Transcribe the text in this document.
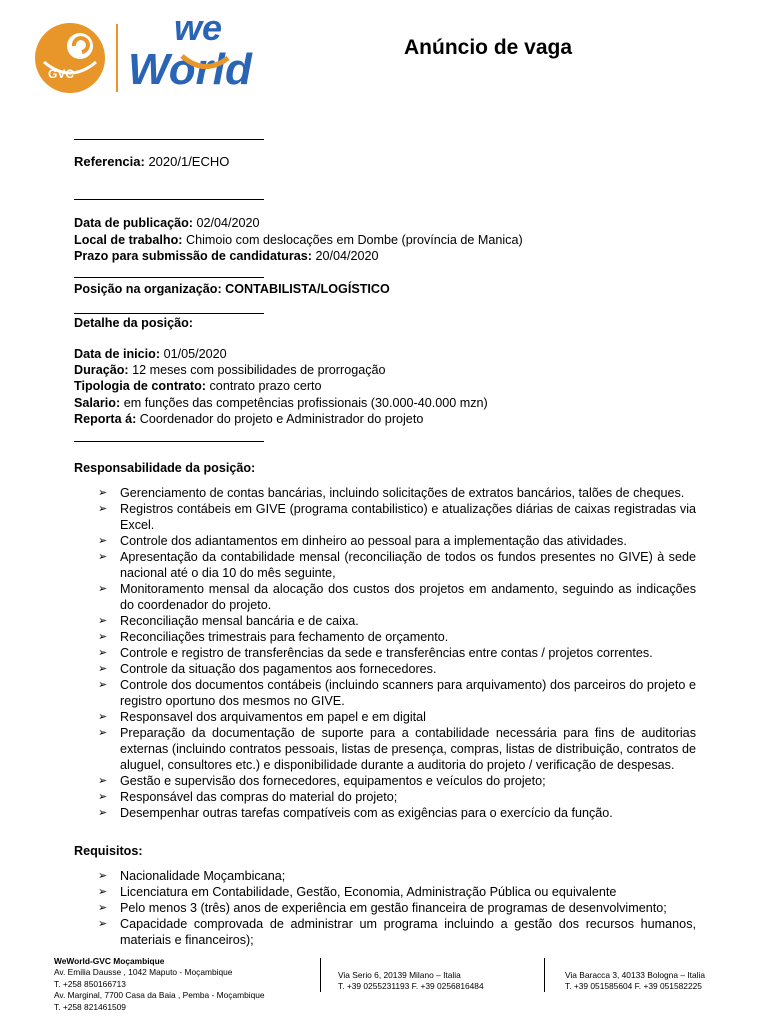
GVC
we
World	Anúncio de vaga
Referencia: 2020/1/ECHO
Data de publicação: 02/04/2020
Local de trabalho: Chimoio com deslocações em Dombe (província de Manica)
Prazo para submissão de candidaturas: 20/04/2020
Posição na organização: CONTABILISTA/LOGÍSTICO
Detalhe da posição:
Data de inicio: 01/05/2020
Duração: 12 meses com possibilidades de prorrogação
Tipologia de contrato: contrato prazo certo
Salario: em funções das competências profissionais (30.000-40.000 mzn)
Reporta á: Coordenador do projeto e Administrador do projeto
Responsabilidade da posição:
➢ Gerenciamento de contas bancárias, incluindo solicitações de extratos bancários, talões de cheques.
➢ Registros contábeis em GIVE (programa contabilistico) e atualizações diárias de caixas registradas via Excel.
➢ Controle dos adiantamentos em dinheiro ao pessoal para a implementação das atividades.
➢ Apresentação da contabilidade mensal (reconciliação de todos os fundos presentes no GIVE) à sede nacional até o dia 10 do mês seguinte,
➢ Monitoramento mensal da alocação dos custos dos projetos em andamento, seguindo as indicações do coordenador do projeto.
➢ Reconciliação mensal bancária e de caixa.
➢ Reconciliações trimestrais para fechamento de orçamento.
➢ Controle e registro de transferências da sede e transferências entre contas / projetos correntes.
➢ Controle da situação dos pagamentos aos fornecedores.
➢ Controle dos documentos contábeis (incluindo scanners para arquivamento) dos parceiros do projeto e registro oportuno dos mesmos no GIVE.
➢ Responsavel dos arquivamentos em papel e em digital
➢ Preparação da documentação de suporte para a contabilidade necessária para fins de auditorias externas (incluindo contratos pessoais, listas de presença, compras, listas de distribuição, contratos de aluguel, consultores etc.) e disponibilidade durante a auditoria do projeto / verificação de despesas.
➢ Gestão e supervisão dos fornecedores, equipamentos e veículos do projeto;
➢ Responsável das compras do material do projeto;
➢ Desempenhar outras tarefas compatíveis com as exigências para o exercício da função.
Requisitos:
➢ Nacionalidade Moçambicana;
➢ Licenciatura em Contabilidade, Gestão, Economia, Administração Pública ou equivalente
➢ Pelo menos 3 (três) anos de experiência em gestão financeira de programas de desenvolvimento;
➢ Capacidade comprovada de administrar um programa incluindo a gestão dos recursos humanos, materiais e financeiros);
WeWorld-GVC Moçambique
Av. Emilia Dausse , 1042 Maputo - Moçambique
T. +258 850166713
Av. Marginal, 7700 Casa da Baia , Pemba - Moçambique
T. +258 821461509
Via Serio 6, 20139 Milano – Italia
T. +39 0255231193 F. +39 0256816484
Via Baracca 3, 40133 Bologna – Italia
T. +39 051585604 F. +39 051582225
